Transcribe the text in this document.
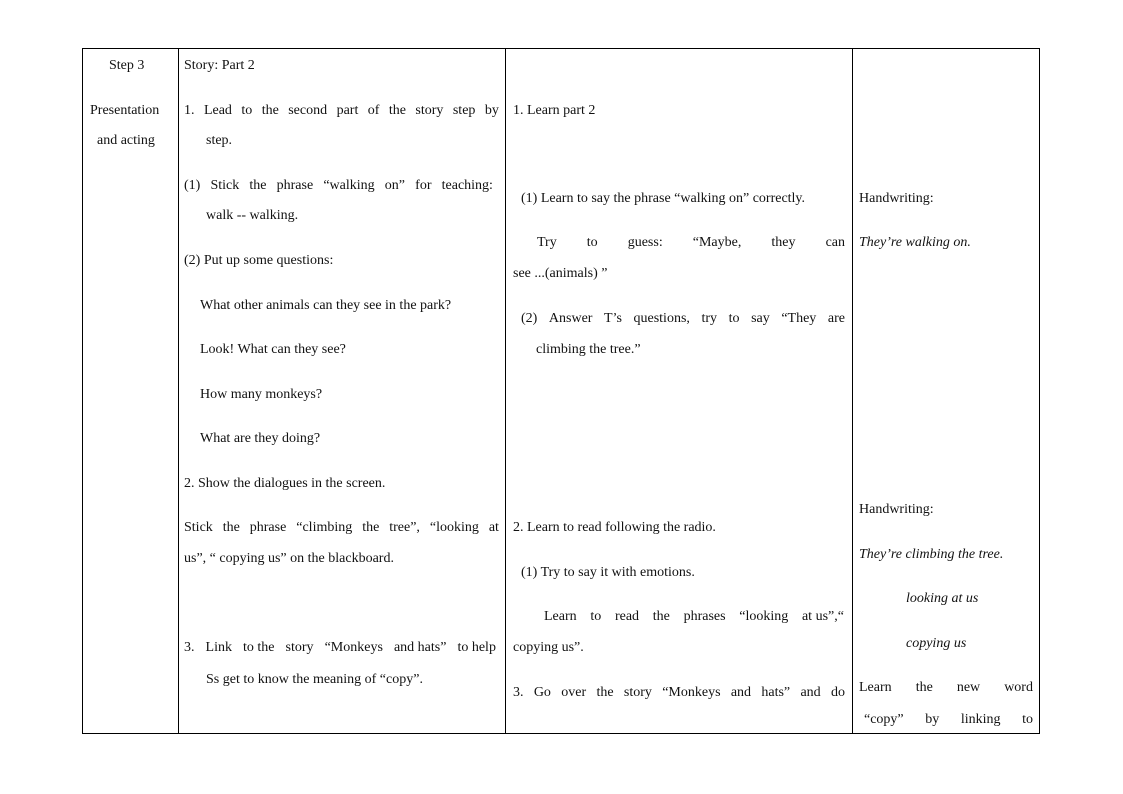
Step 3
Presentation
and acting
Story: Part 2
1. Lead to the second part of the story step by
step.
(1) Stick the phrase “walking on” for teaching:
walk -- walking.
(2) Put up some questions:
What other animals can they see in the park?
Look! What can they see?
How many monkeys?
What are they doing?
2. Show the dialogues in the screen.
Stick the phrase “climbing the tree”, “looking at
us”, “ copying us” on the blackboard.
3. Link to the story “Monkeys and hats” to help
Ss get to know the meaning of “copy”.
1. Learn part 2
(1) Learn to say the phrase “walking on” correctly.
Try to guess: “Maybe, they can
see ...(animals) ”
(2) Answer T’s questions, try to say “They are
climbing the tree.”
2. Learn to read following the radio.
(1) Try to say it with emotions.
Learn to read the phrases “looking at us”,“
copying us”.
3. Go over the story “Monkeys and hats” and do
Handwriting:
They’re walking on.
Handwriting:
They’re climbing the tree.
looking at us
copying us
Learn the new word
“copy” by linking to
